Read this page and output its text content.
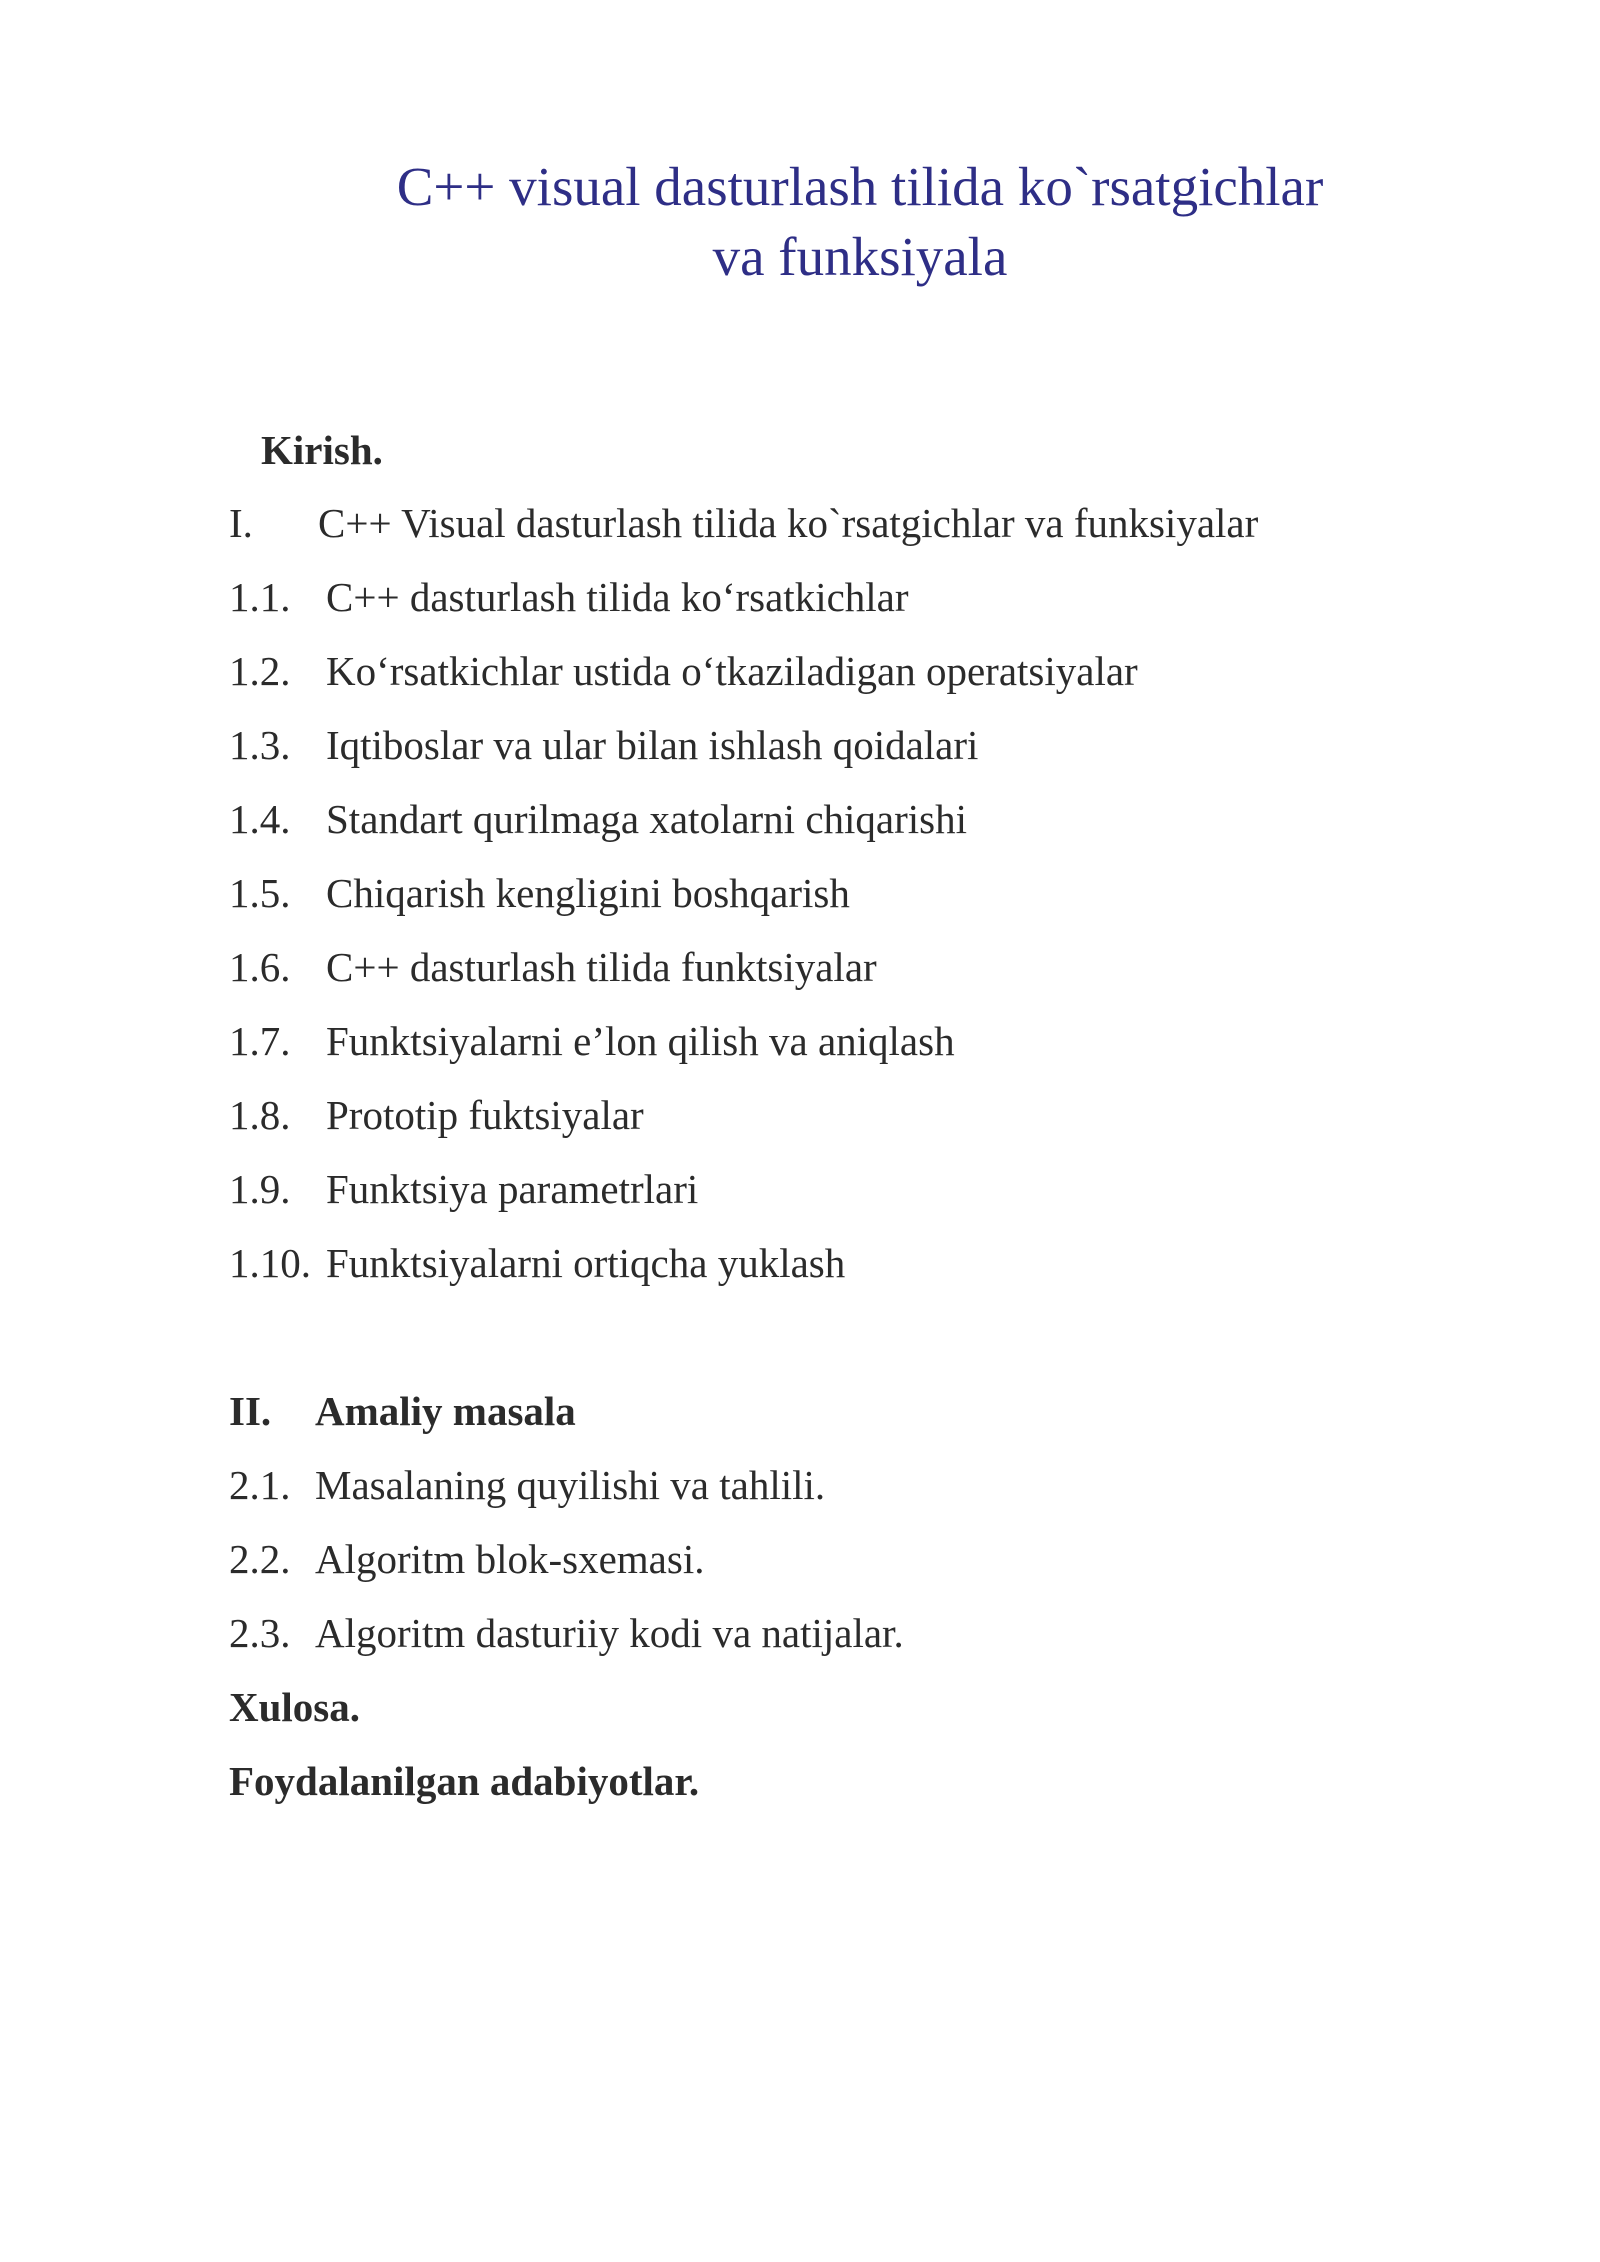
C++ visual dasturlash tilida ko`rsatgichlar
va funksiyala
Kirish.
I. C++ Visual dasturlash tilida ko`rsatgichlar va funksiyalar
1.1. C++ dasturlash tilida ko‘rsatkichlar
1.2. Ko‘rsatkichlar ustida o‘tkaziladigan operatsiyalar
1.3. Iqtiboslar va ular bilan ishlash qoidalari
1.4. Standart qurilmaga xatolarni chiqarishi
1.5. Chiqarish kengligini boshqarish
1.6. C++ dasturlash tilida funktsiyalar
1.7. Funktsiyalarni e’lon qilish va aniqlash
1.8. Prototip fuktsiyalar
1.9. Funktsiya parametrlari
1.10. Funktsiyalarni ortiqcha yuklash
II. Amaliy masala
2.1. Masalaning quyilishi va tahlili.
2.2. Algoritm blok-sxemasi.
2.3. Algoritm dasturiiy kodi va natijalar.
Xulosa.
Foydalanilgan adabiyotlar.
